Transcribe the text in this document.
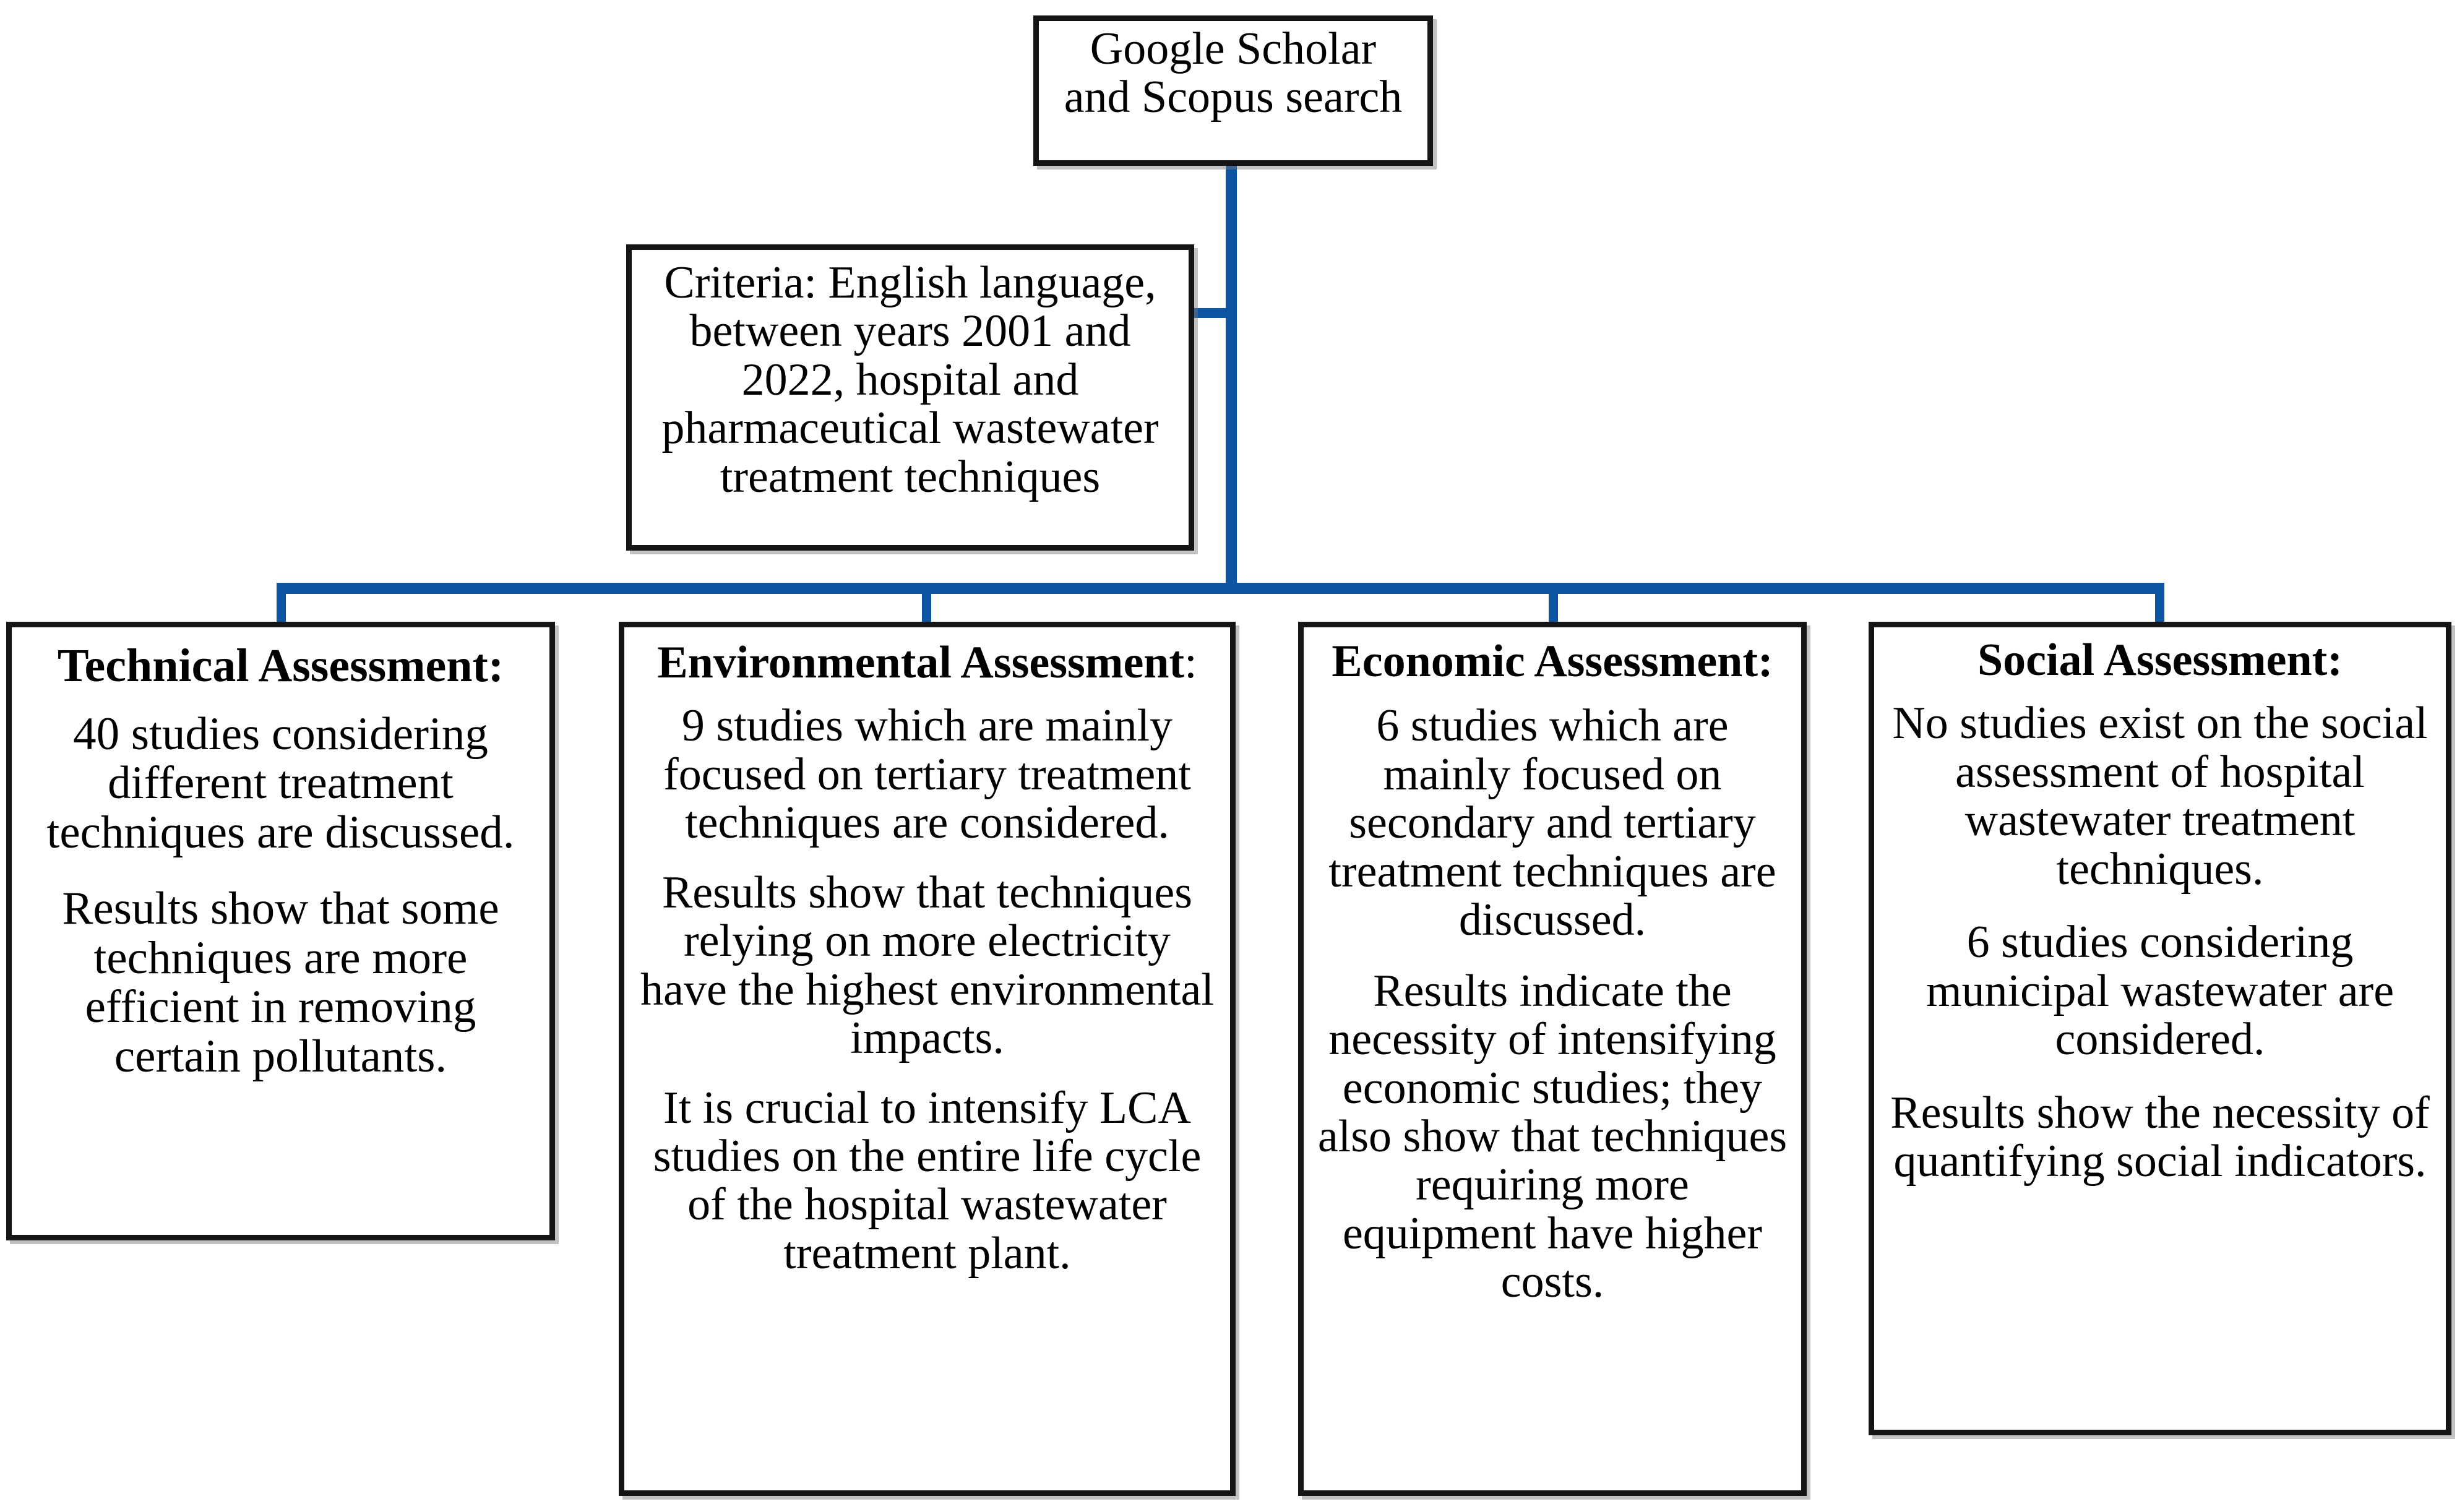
Google Scholar

and Scopus search

Criteria: English language,

between years 2001 and

2022, hospital and

pharmaceutical wastewater

treatment techniques

Technical Assessment:

40 studies considering different treatment techniques are discussed.

Results show that some techniques are more efficient in removing certain pollutants.

Environmental Assessment:

9 studies which are mainly focused on tertiary treatment techniques are considered.

Results show that techniques relying on more electricity have the highest environmental impacts.

It is crucial to intensify LCA studies on the entire life cycle of the hospital wastewater treatment plant.

Economic Assessment:

6 studies which are mainly focused on secondary and tertiary treatment techniques are discussed.

Results indicate the necessity of intensifying economic studies; they also show that techniques requiring more equipment have higher costs.

Social Assessment:

No studies exist on the social assessment of hospital wastewater treatment techniques.

6 studies considering municipal wastewater are considered.

Results show the necessity of quantifying social indicators.
